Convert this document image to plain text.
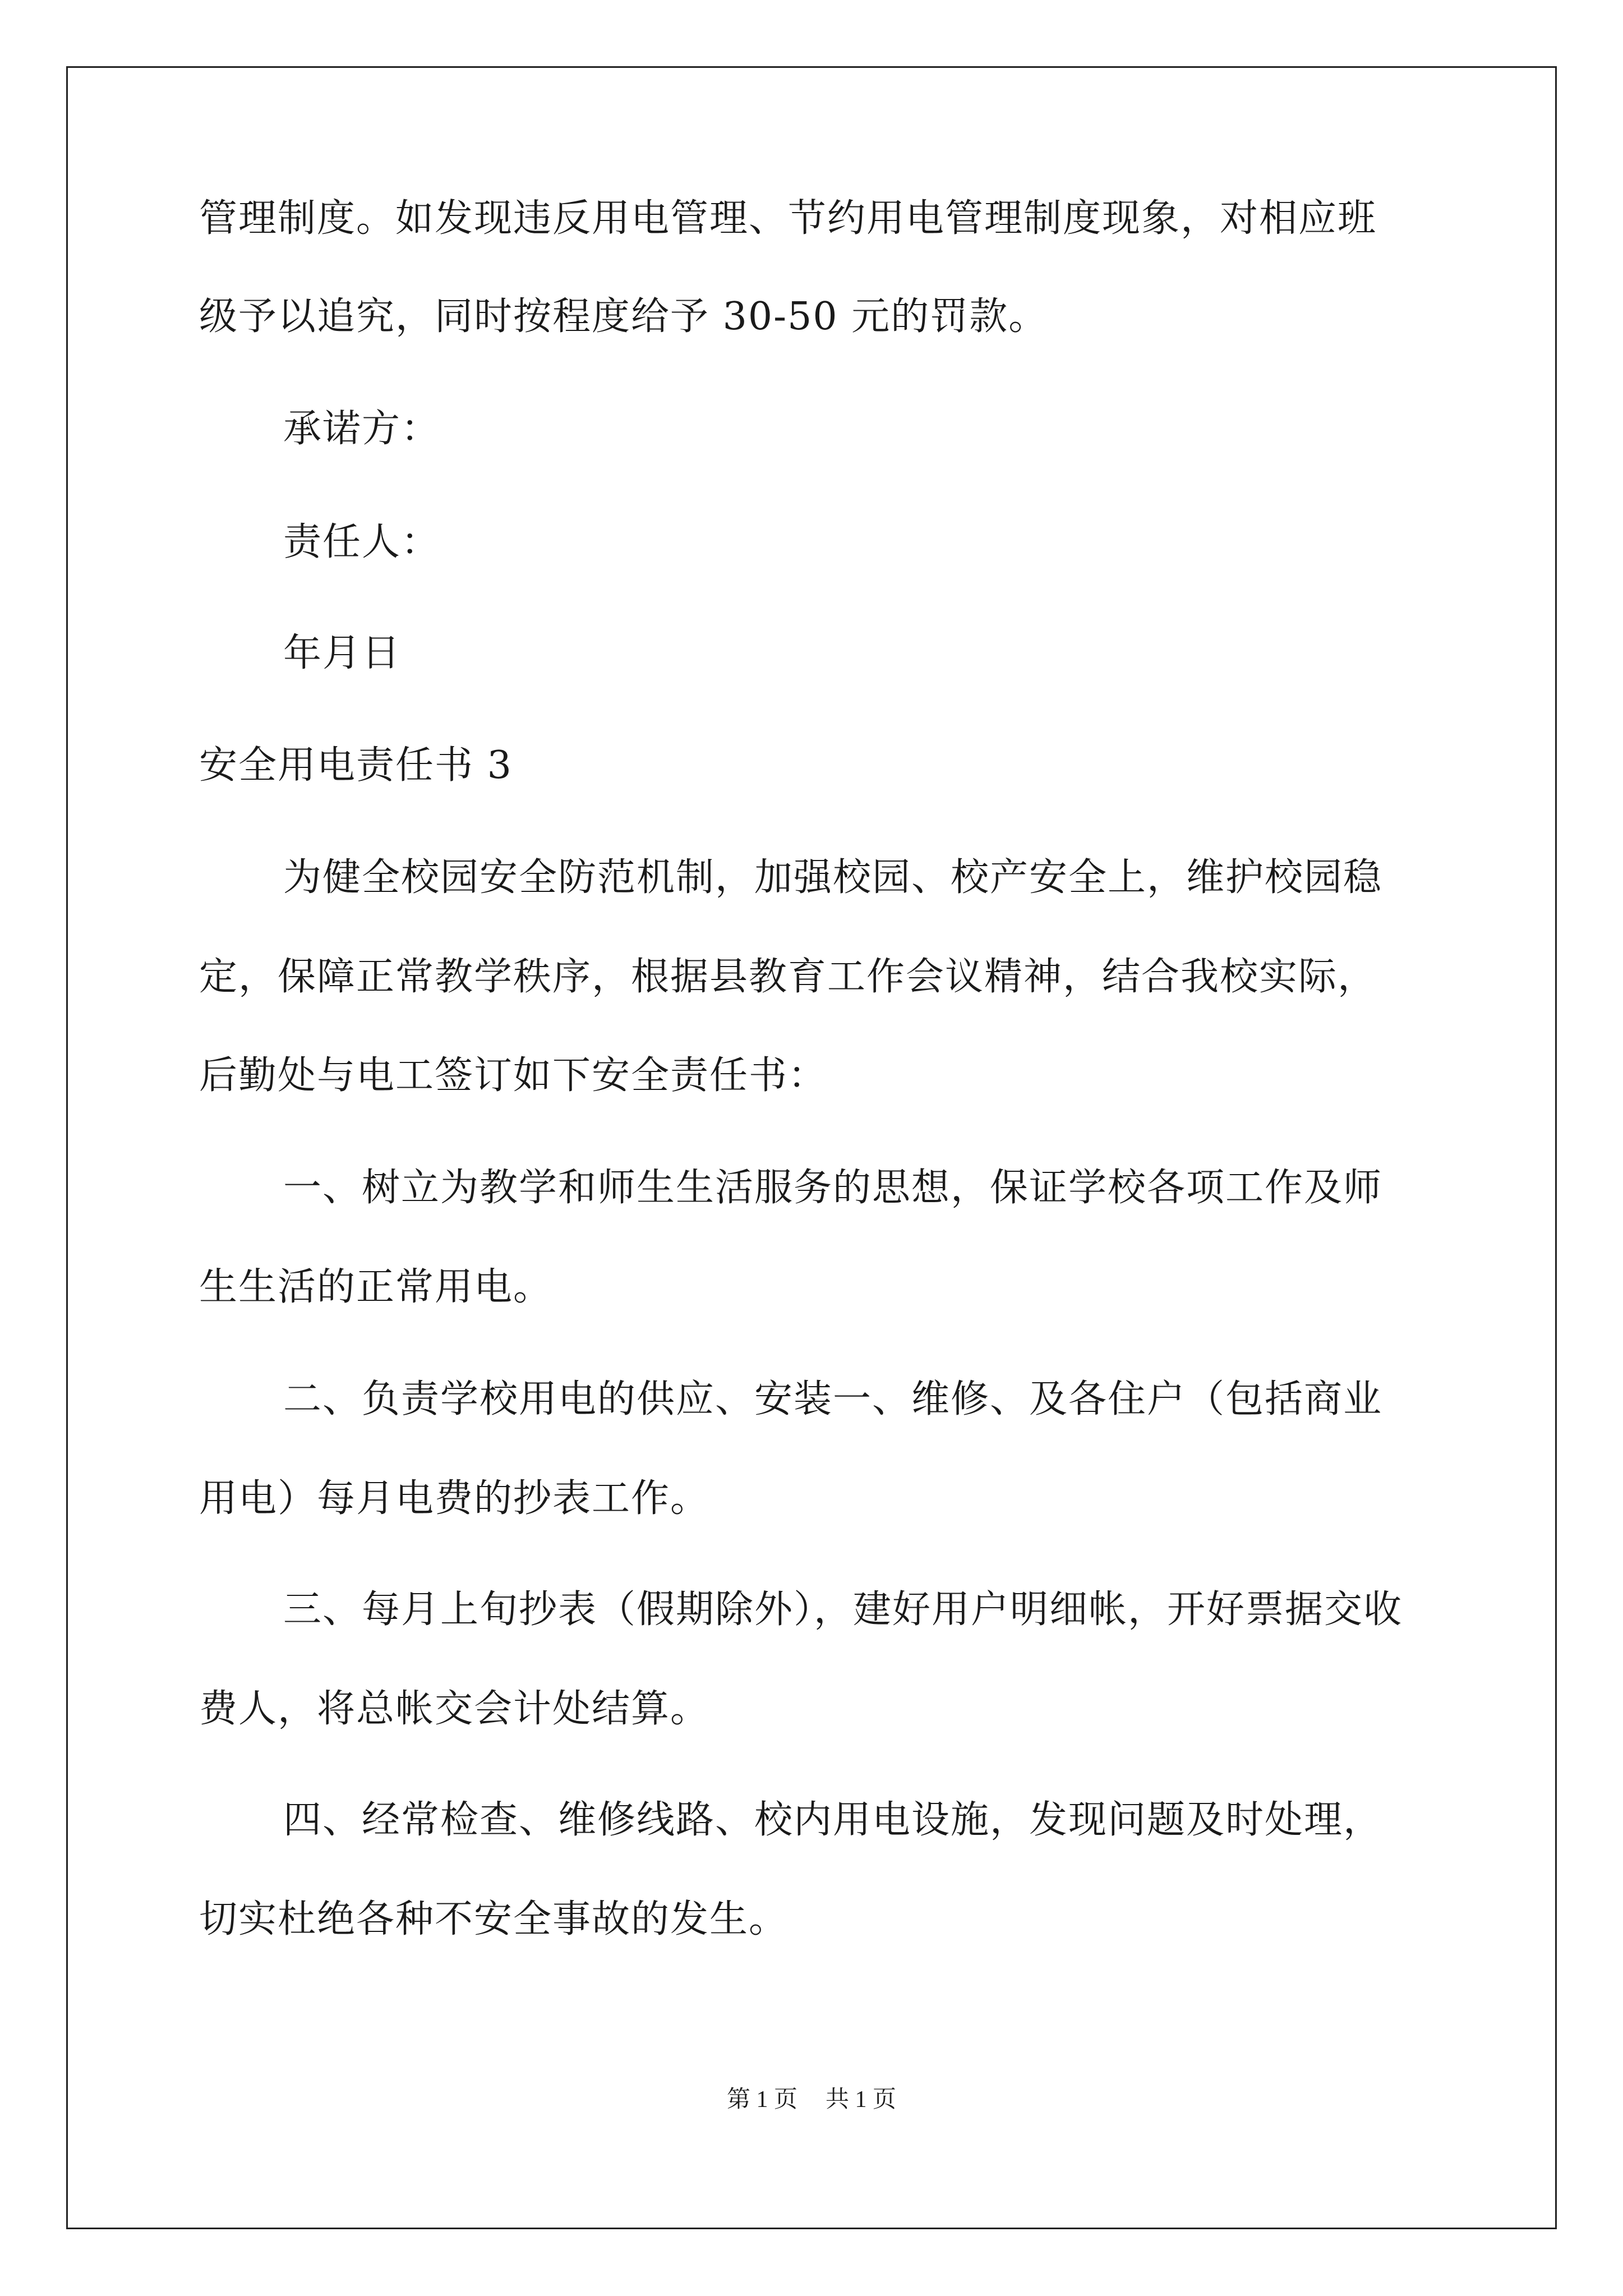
管理制度。如发现违反用电管理、节约用电管理制度现象，对相应班
级予以追究，同时按程度给予 30-50 元的罚款。
承诺方：
责任人：
年月日
安全用电责任书 3
为健全校园安全防范机制，加强校园、校产安全上，维护校园稳
定，保障正常教学秩序，根据县教育工作会议精神，结合我校实际，
后勤处与电工签订如下安全责任书：
一、树立为教学和师生生活服务的思想，保证学校各项工作及师
生生活的正常用电。
二、负责学校用电的供应、安装一、维修、及各住户（包括商业
用电）每月电费的抄表工作。
三、每月上旬抄表（假期除外），建好用户明细帐，开好票据交收
费人，将总帐交会计处结算。
四、经常检查、维修线路、校内用电设施，发现问题及时处理，
切实杜绝各种不安全事故的发生。
第 1 页 共 1 页
